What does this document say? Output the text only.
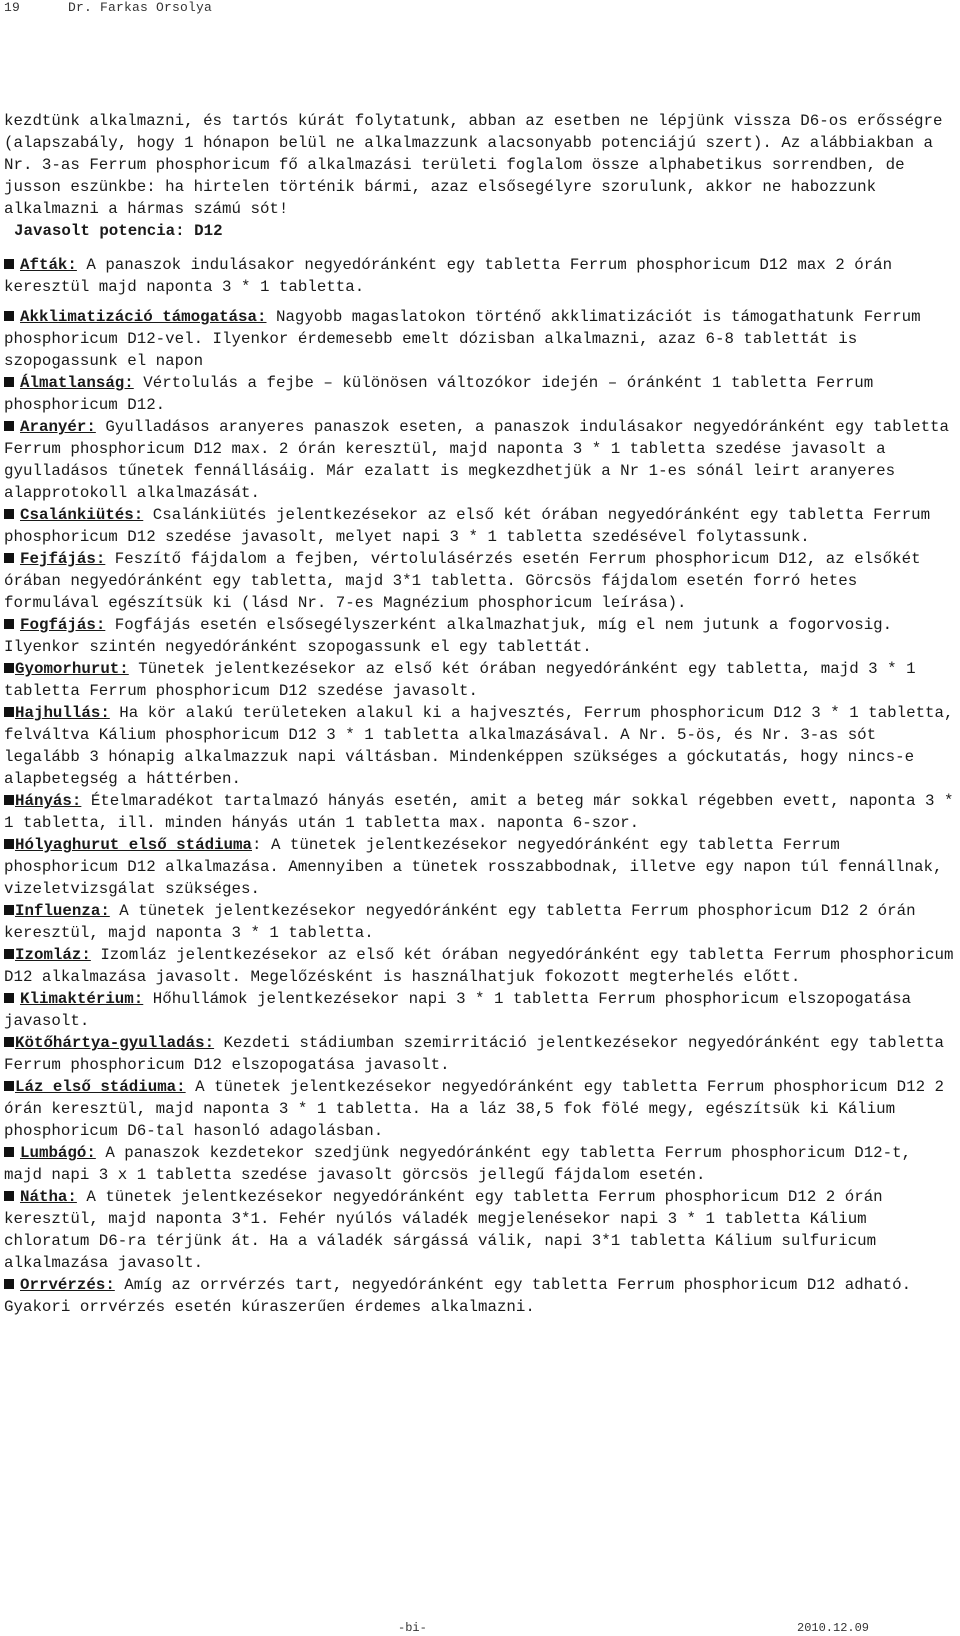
19	Dr. Farkas Orsolya

kezdtünk alkalmazni, és tartós kúrát folytatunk, abban az esetben ne lépjünk vissza D6-os erősségre (alapszabály, hogy 1 hónapon belül ne alkalmazzunk alacsonyabb potenciájú szert). Az alábbiakban a Nr. 3-as Ferrum phosphoricum fő alkalmazási területi foglalom össze alphabetikus sorrendben, de jusson eszünkbe: ha hirtelen történik bármi, azaz elsősegélyre szorulunk, akkor ne habozzunk alkalmazni a hármas számú sót!

Javasolt potencia: D12

Afták: A panaszok indulásakor negyedóránként egy tabletta Ferrum phosphoricum D12 max 2 órán keresztül majd naponta 3 * 1 tabletta.

Akklimatizáció támogatása: Nagyobb magaslatokon történő akklimatizációt is támogathatunk Ferrum phosphoricum D12-vel. Ilyenkor érdemesebb emelt dózisban alkalmazni, azaz 6-8 tablettát is szopogassunk el napon

Álmatlanság: Vértolulás a fejbe – különösen változókor idején – óránként 1 tabletta Ferrum phosphoricum D12.

Aranyér: Gyulladásos aranyeres panaszok eseten, a panaszok indulásakor negyedóránként egy tabletta Ferrum phosphoricum D12 max. 2 órán keresztül, majd naponta 3 * 1 tabletta szedése javasolt a gyulladásos tűnetek fennállásáig. Már ezalatt is megkezdhetjük a Nr 1-es sónál leirt aranyeres alapprotokoll alkalmazását.

Csalánkiütés: Csalánkiütés jelentkezésekor az első két órában negyedóránként egy tabletta Ferrum phosphoricum D12 szedése javasolt, melyet napi 3 * 1 tabletta szedésével folytassunk.

Fejfájás: Feszítő fájdalom a fejben, vértolulásérzés esetén Ferrum phosphoricum D12, az elsőkét órában negyedóránként egy tabletta, majd 3*1 tabletta. Görcsös fájdalom esetén forró hetes formulával egészítsük ki (lásd Nr. 7-es Magnézium phosphoricum leírása).

Fogfájás: Fogfájás esetén elsősegélyszerként alkalmazhatjuk, míg el nem jutunk a fogorvosig. Ilyenkor szintén negyedóránként szopogassunk el egy tablettát.

Gyomorhurut: Tünetek jelentkezésekor az első két órában negyedóránként egy tabletta, majd 3 * 1 tabletta Ferrum phosphoricum D12 szedése javasolt.

Hajhullás: Ha kör alakú területeken alakul ki a hajvesztés, Ferrum phosphoricum D12 3 * 1 tabletta, felváltva Kálium phosphoricum D12 3 * 1 tabletta alkalmazásával. A Nr. 5-ös, és Nr. 3-as sót legalább 3 hónapig alkalmazzuk napi váltásban. Mindenképpen szükséges a góckutatás, hogy nincs-e alapbetegség a háttérben.

Hányás: Ételmaradékot tartalmazó hányás esetén, amit a beteg már sokkal régebben evett, naponta 3 * 1 tabletta, ill. minden hányás után 1 tabletta max. naponta 6-szor.

Hólyaghurut első stádiuma: A tünetek jelentkezésekor negyedóránként egy tabletta Ferrum phosphoricum D12 alkalmazása. Amennyiben a tünetek rosszabbodnak, illetve egy napon túl fennállnak, vizeletvizsgálat szükséges.

Influenza: A tünetek jelentkezésekor negyedóránként egy tabletta Ferrum phosphoricum D12 2 órán keresztül, majd naponta 3 * 1 tabletta.

Izomláz: Izomláz jelentkezésekor az első két órában negyedóránként egy tabletta Ferrum phosphoricum D12 alkalmazása javasolt. Megelőzésként is használhatjuk fokozott megterhelés előtt.

Klimaktérium: Hőhullámok jelentkezésekor napi 3 * 1 tabletta Ferrum phosphoricum elszopogatása javasolt.

Kötőhártya-gyulladás: Kezdeti stádiumban szemirritáció jelentkezésekor negyedóránként egy tabletta Ferrum phosphoricum D12 elszopogatása javasolt.

Láz első stádiuma: A tünetek jelentkezésekor negyedóránként egy tabletta Ferrum phosphoricum D12 2 órán keresztül, majd naponta 3 * 1 tabletta. Ha a láz 38,5 fok fölé megy, egészítsük ki Kálium phosphoricum D6-tal hasonló adagolásban.

Lumbágó: A panaszok kezdetekor szedjünk negyedóránként egy tabletta Ferrum phosphoricum D12-t, majd napi 3 x 1 tabletta szedése javasolt görcsös jellegű fájdalom esetén.

Nátha: A tünetek jelentkezésekor negyedóránként egy tabletta Ferrum phosphoricum D12 2 órán keresztül, majd naponta 3*1. Fehér nyúlós váladék megjelenésekor napi 3 * 1 tabletta Kálium chloratum D6-ra térjünk át. Ha a váladék sárgássá válik, napi 3*1 tabletta Kálium sulfuricum alkalmazása javasolt.

Orrvérzés: Amíg az orrvérzés tart, negyedóránként egy tabletta Ferrum phosphoricum D12 adható. Gyakori orrvérzés esetén kúraszerűen érdemes alkalmazni.

-bi-	2010.12.09
